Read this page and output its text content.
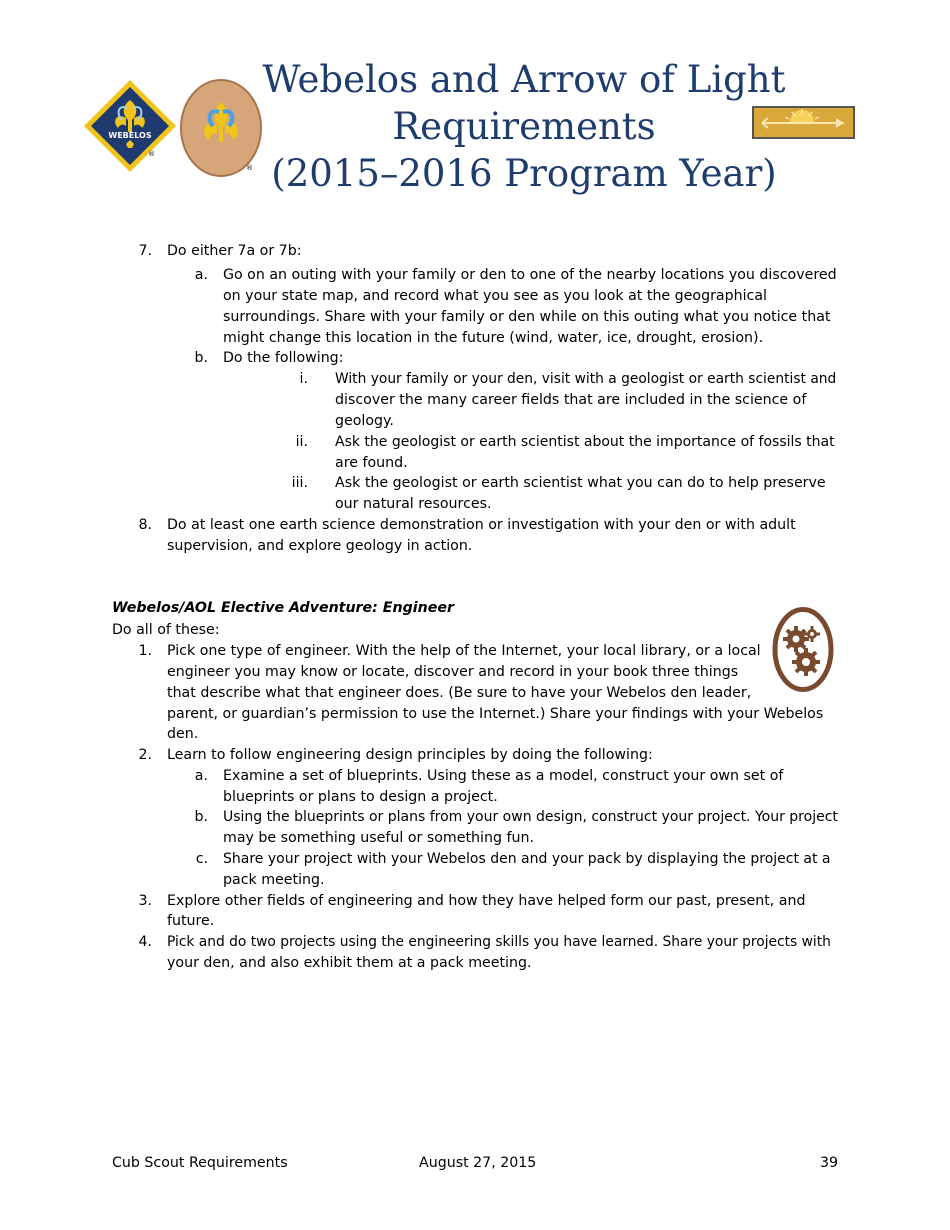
WEBELOS
®
®
Webelos and Arrow of Light
Requirements
(2015–2016 Program Year)
7. Do either 7a or 7b:
a. Go on an outing with your family or den to one of the nearby locations you discovered
on your state map, and record what you see as you look at the geographical
surroundings. Share with your family or den while on this outing what you notice that
might change this location in the future (wind, water, ice, drought, erosion).
b. Do the following:
i. With your family or your den, visit with a geologist or earth scientist and
discover the many career fields that are included in the science of
geology.
ii. Ask the geologist or earth scientist about the importance of fossils that
are found.
iii. Ask the geologist or earth scientist what you can do to help preserve
our natural resources.
8. Do at least one earth science demonstration or investigation with your den or with adult
supervision, and explore geology in action.
Webelos/AOL Elective Adventure: Engineer
Do all of these:
1. Pick one type of engineer. With the help of the Internet, your local library, or a local
engineer you may know or locate, discover and record in your book three things
that describe what that engineer does. (Be sure to have your Webelos den leader,
parent, or guardian’s permission to use the Internet.) Share your findings with your Webelos
den.
2. Learn to follow engineering design principles by doing the following:
a. Examine a set of blueprints. Using these as a model, construct your own set of
blueprints or plans to design a project.
b. Using the blueprints or plans from your own design, construct your project. Your project
may be something useful or something fun.
c. Share your project with your Webelos den and your pack by displaying the project at a
pack meeting.
3. Explore other fields of engineering and how they have helped form our past, present, and
future.
4. Pick and do two projects using the engineering skills you have learned. Share your projects with
your den, and also exhibit them at a pack meeting.
Cub Scout Requirements	August 27, 2015	39
